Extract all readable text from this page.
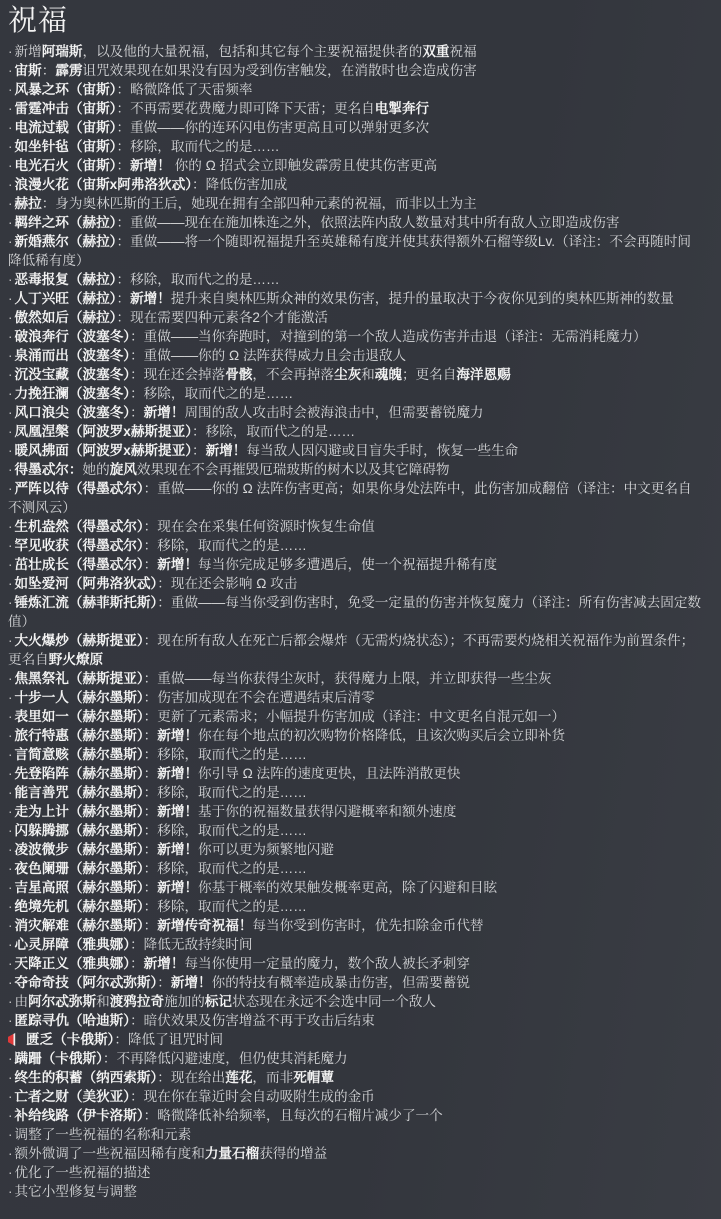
祝福
· 新增阿瑞斯，以及他的大量祝福，包括和其它每个主要祝福提供者的双重祝福
· 宙斯：霹雳诅咒效果现在如果没有因为受到伤害触发，在消散时也会造成伤害
· 风暴之环（宙斯）：略微降低了天雷频率
· 雷霆冲击（宙斯）：不再需要花费魔力即可降下天雷；更名自电掣奔行
· 电流过载（宙斯）：重做——你的连环闪电伤害更高且可以弹射更多次
· 如坐针毡（宙斯）：移除，取而代之的是……
· 电光石火（宙斯）：新增！ 你的 Ω 招式会立即触发霹雳且使其伤害更高
· 浪漫火花（宙斯x阿弗洛狄忒）：降低伤害加成
· 赫拉：身为奥林匹斯的王后，她现在拥有全部四种元素的祝福，而非以土为主
· 羁绊之环（赫拉）：重做——现在在施加株连之外，依照法阵内敌人数量对其中所有敌人立即造成伤害
· 新婚燕尔（赫拉）：重做——将一个随即祝福提升至英雄稀有度并使其获得额外石榴等级Lv.（译注：不会再随时间降低稀有度）
· 恶毒报复（赫拉）：移除，取而代之的是……
· 人丁兴旺（赫拉）：新增！提升来自奥林匹斯众神的效果伤害，提升的量取决于今夜你见到的奥林匹斯神的数量
· 傲然如后（赫拉）：现在需要四种元素各2个才能激活
· 破浪奔行（波塞冬）：重做——当你奔跑时，对撞到的第一个敌人造成伤害并击退（译注：无需消耗魔力）
· 泉涌而出（波塞冬）：重做——你的 Ω 法阵获得威力且会击退敌人
· 沉没宝藏（波塞冬）：现在还会掉落骨骸，不会再掉落尘灰和魂魄；更名自海洋恩赐
· 力挽狂澜（波塞冬）：移除，取而代之的是……
· 风口浪尖（波塞冬）：新增！周围的敌人攻击时会被海浪击中，但需要蓄锐魔力
· 凤凰涅槃（阿波罗x赫斯提亚）：移除，取而代之的是……
· 暖风拂面（阿波罗x赫斯提亚）：新增！每当敌人因闪避或目盲失手时，恢复一些生命
· 得墨忒尔：她的旋风效果现在不会再摧毁厄瑞玻斯的树木以及其它障碍物
· 严阵以待（得墨忒尔）：重做——你的 Ω 法阵伤害更高；如果你身处法阵中，此伤害加成翻倍（译注：中文更名自不测风云）
· 生机盎然（得墨忒尔）：现在会在采集任何资源时恢复生命值
· 罕见收获（得墨忒尔）：移除，取而代之的是……
· 茁壮成长（得墨忒尔）：新增！每当你完成足够多遭遇后，使一个祝福提升稀有度
· 如坠爱河（阿弗洛狄忒）：现在还会影响 Ω 攻击
· 锤炼汇流（赫菲斯托斯）：重做——每当你受到伤害时，免受一定量的伤害并恢复魔力（译注：所有伤害减去固定数值）
· 大火爆炒（赫斯提亚）：现在所有敌人在死亡后都会爆炸（无需灼烧状态）；不再需要灼烧相关祝福作为前置条件；更名自野火燎原
· 焦黑祭礼（赫斯提亚）：重做——每当你获得尘灰时，获得魔力上限，并立即获得一些尘灰
· 十步一人（赫尔墨斯）：伤害加成现在不会在遭遇结束后清零
· 表里如一（赫尔墨斯）：更新了元素需求；小幅提升伤害加成（译注：中文更名自混元如一）
· 旅行特惠（赫尔墨斯）：新增！你在每个地点的初次购物价格降低，且该次购买后会立即补货
· 言简意赅（赫尔墨斯）：移除，取而代之的是……
· 先登陷阵（赫尔墨斯）：新增！你引导 Ω 法阵的速度更快，且法阵消散更快
· 能言善咒（赫尔墨斯）：移除，取而代之的是……
· 走为上计（赫尔墨斯）：新增！基于你的祝福数量获得闪避概率和额外速度
· 闪躲腾挪（赫尔墨斯）：移除，取而代之的是……
· 凌波微步（赫尔墨斯）：新增！你可以更为频繁地闪避
· 夜色阑珊（赫尔墨斯）：移除，取而代之的是……
· 吉星高照（赫尔墨斯）：新增！你基于概率的效果触发概率更高，除了闪避和目眩
· 绝境先机（赫尔墨斯）：移除，取而代之的是……
· 消灾解难（赫尔墨斯）：新增传奇祝福！每当你受到伤害时，优先扣除金币代替
· 心灵屏障（雅典娜）：降低无敌持续时间
· 天降正义（雅典娜）：新增！每当你使用一定量的魔力，数个敌人被长矛刺穿
· 夺命奇技（阿尔忒弥斯）：新增！你的特技有概率造成暴击伤害，但需要蓄锐
· 由阿尔忒弥斯和渡鸦拉奇施加的标记状态现在永远不会选中同一个敌人
· 匿踪寻仇（哈迪斯）：暗伏效果及伤害增益不再于攻击后结束
匮乏（卡俄斯）：降低了诅咒时间
· 蹒跚（卡俄斯）：不再降低闪避速度，但仍使其消耗魔力
· 终生的积蓄（纳西索斯）：现在给出莲花，而非死帽蕈
· 亡者之财（美狄亚）：现在你在靠近时会自动吸附生成的金币
· 补给线路（伊卡洛斯）：略微降低补给频率，且每次的石榴片减少了一个
· 调整了一些祝福的名称和元素
· 额外微调了一些祝福因稀有度和力量石榴获得的增益
· 优化了一些祝福的描述
· 其它小型修复与调整
